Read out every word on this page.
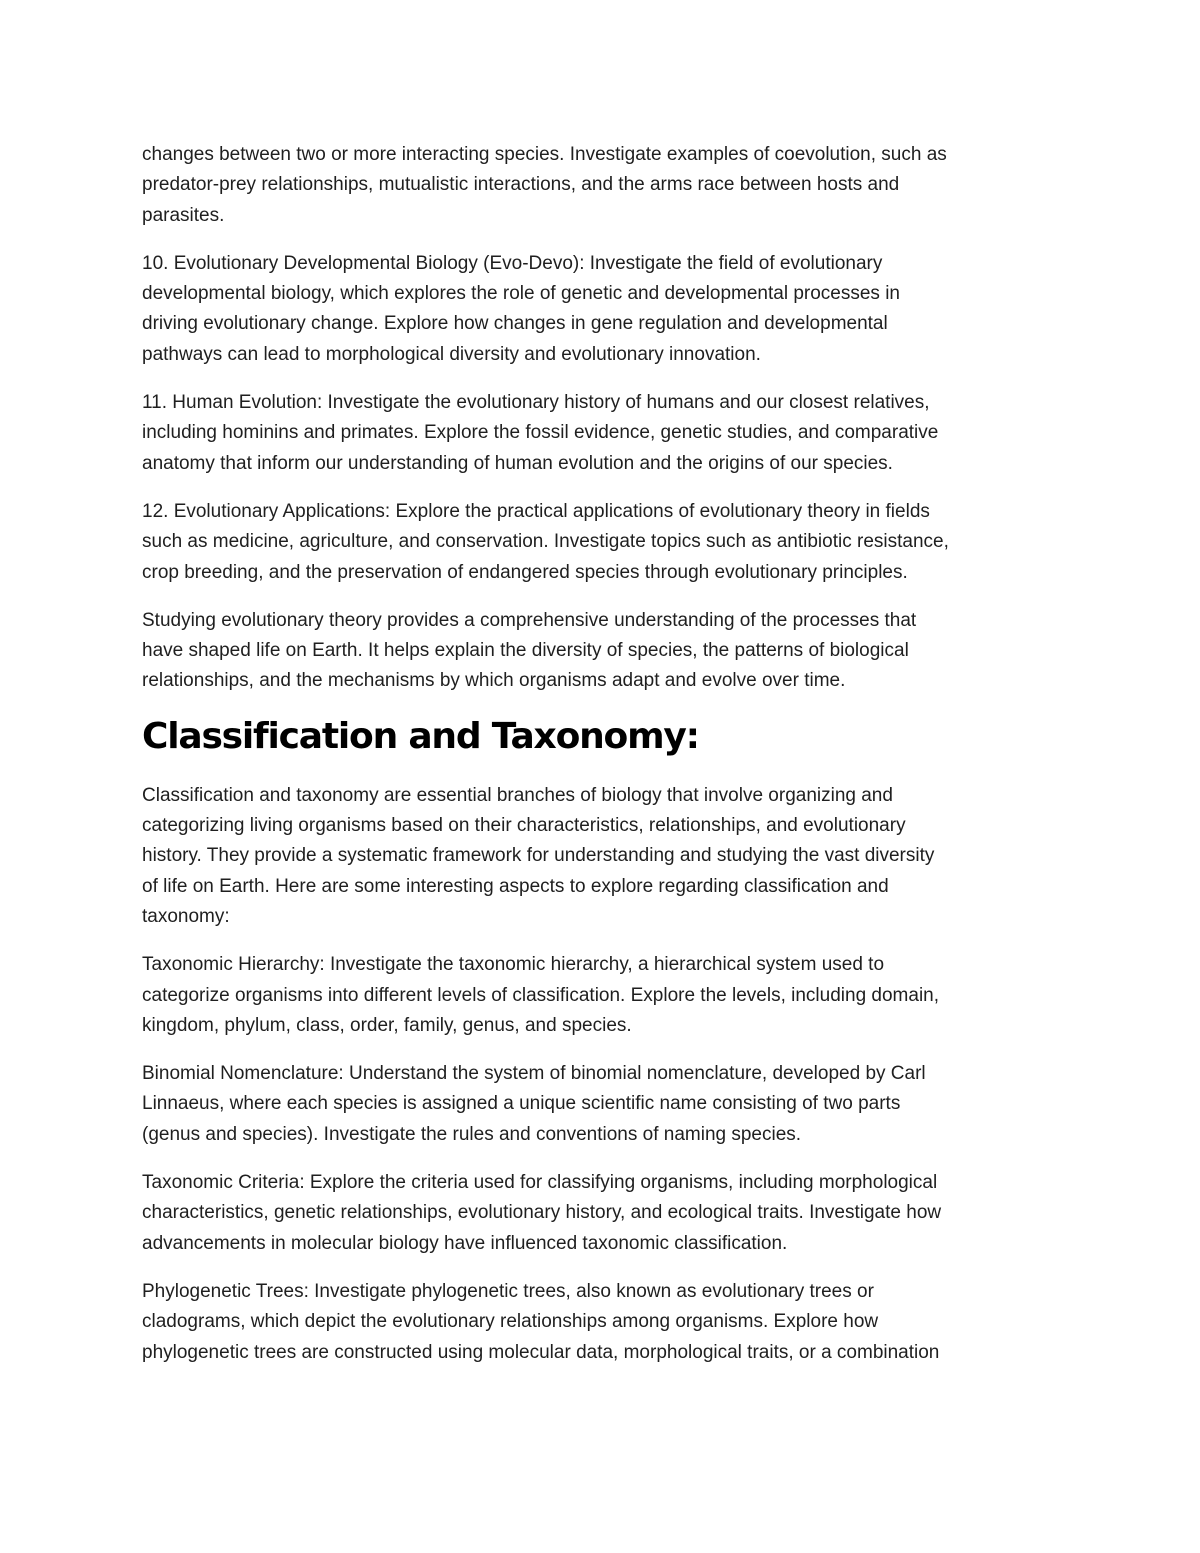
changes between two or more interacting species. Investigate examples of coevolution, such as
predator-prey relationships, mutualistic interactions, and the arms race between hosts and
parasites.

10. Evolutionary Developmental Biology (Evo-Devo): Investigate the field of evolutionary
developmental biology, which explores the role of genetic and developmental processes in
driving evolutionary change. Explore how changes in gene regulation and developmental
pathways can lead to morphological diversity and evolutionary innovation.

11. Human Evolution: Investigate the evolutionary history of humans and our closest relatives,
including hominins and primates. Explore the fossil evidence, genetic studies, and comparative
anatomy that inform our understanding of human evolution and the origins of our species.

12. Evolutionary Applications: Explore the practical applications of evolutionary theory in fields
such as medicine, agriculture, and conservation. Investigate topics such as antibiotic resistance,
crop breeding, and the preservation of endangered species through evolutionary principles.

Studying evolutionary theory provides a comprehensive understanding of the processes that
have shaped life on Earth. It helps explain the diversity of species, the patterns of biological
relationships, and the mechanisms by which organisms adapt and evolve over time.

Classification and Taxonomy:

Classification and taxonomy are essential branches of biology that involve organizing and
categorizing living organisms based on their characteristics, relationships, and evolutionary
history. They provide a systematic framework for understanding and studying the vast diversity
of life on Earth. Here are some interesting aspects to explore regarding classification and
taxonomy:

Taxonomic Hierarchy: Investigate the taxonomic hierarchy, a hierarchical system used to
categorize organisms into different levels of classification. Explore the levels, including domain,
kingdom, phylum, class, order, family, genus, and species.

Binomial Nomenclature: Understand the system of binomial nomenclature, developed by Carl
Linnaeus, where each species is assigned a unique scientific name consisting of two parts
(genus and species). Investigate the rules and conventions of naming species.

Taxonomic Criteria: Explore the criteria used for classifying organisms, including morphological
characteristics, genetic relationships, evolutionary history, and ecological traits. Investigate how
advancements in molecular biology have influenced taxonomic classification.

Phylogenetic Trees: Investigate phylogenetic trees, also known as evolutionary trees or
cladograms, which depict the evolutionary relationships among organisms. Explore how
phylogenetic trees are constructed using molecular data, morphological traits, or a combination
